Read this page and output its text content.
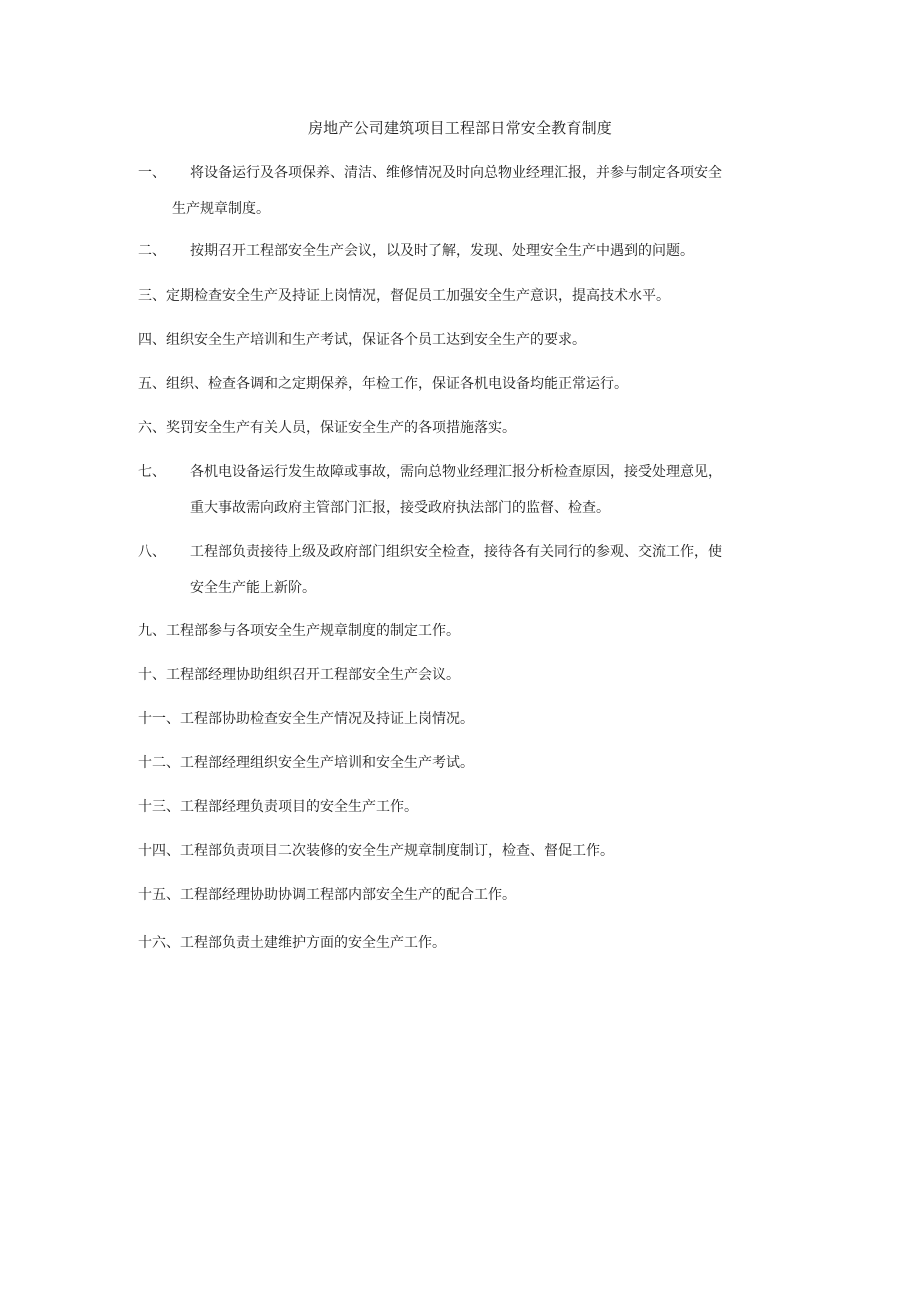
房地产公司建筑项目工程部日常安全教育制度
一、 将设备运行及各项保养、清洁、维修情况及时向总物业经理汇报，并参与制定各项安全
生产规章制度。
二、 按期召开工程部安全生产会议，以及时了解，发现、处理安全生产中遇到的问题。
三、定期检查安全生产及持证上岗情况，督促员工加强安全生产意识，提高技术水平。
四、组织安全生产培训和生产考试，保证各个员工达到安全生产的要求。
五、组织、检查各调和之定期保养，年检工作，保证各机电设备均能正常运行。
六、奖罚安全生产有关人员，保证安全生产的各项措施落实。
七、 各机电设备运行发生故障或事故，需向总物业经理汇报分析检查原因，接受处理意见，
重大事故需向政府主管部门汇报，接受政府执法部门的监督、检查。
八、 工程部负责接待上级及政府部门组织安全检查，接待各有关同行的参观、交流工作，使
安全生产能上新阶。
九、工程部参与各项安全生产规章制度的制定工作。
十、工程部经理协助组织召开工程部安全生产会议。
十一、工程部协助检查安全生产情况及持证上岗情况。
十二、工程部经理组织安全生产培训和安全生产考试。
十三、工程部经理负责项目的安全生产工作。
十四、工程部负责项目二次装修的安全生产规章制度制订，检查、督促工作。
十五、工程部经理协助协调工程部内部安全生产的配合工作。
十六、工程部负责土建维护方面的安全生产工作。
